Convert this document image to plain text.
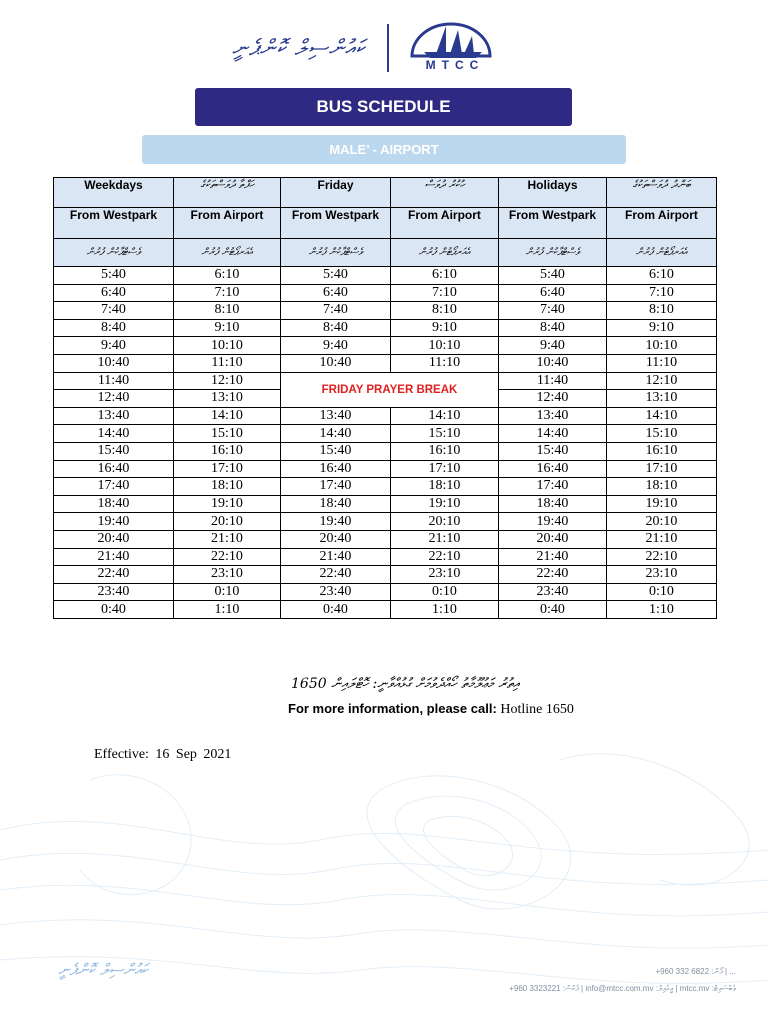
ކައުންސިލް ކޮންޕެނީ
MTCC
BUS SCHEDULE
MALE’ - AIRPORT
Weekdays	ހަފްތާ ދުވަސްތަކުގެ	Friday	ހުކުރު ދުވަސް	Holidays	ބަންދު ދުވަސްތަކުގެ
From Westpark	From Airport	From Westpark	From Airport	From Westpark	From Airport
ވެސްޓްޕާކުން ފުރުން	އެއަރޕޯޓުން ފުރުން	ވެސްޓްޕާކުން ފުރުން	އެއަރޕޯޓުން ފުރުން	ވެސްޓްޕާކުން ފުރުން	އެއަރޕޯޓުން ފުރުން
5:40	6:10	5:40	6:10	5:40	6:10
6:40	7:10	6:40	7:10	6:40	7:10
7:40	8:10	7:40	8:10	7:40	8:10
8:40	9:10	8:40	9:10	8:40	9:10
9:40	10:10	9:40	10:10	9:40	10:10
10:40	11:10	10:40	11:10	10:40	11:10
11:40	12:10	FRIDAY PRAYER BREAK		11:40	12:10
12:40	13:10			12:40	13:10
13:40	14:10	13:40	14:10	13:40	14:10
14:40	15:10	14:40	15:10	14:40	15:10
15:40	16:10	15:40	16:10	15:40	16:10
16:40	17:10	16:40	17:10	16:40	17:10
17:40	18:10	17:40	18:10	17:40	18:10
18:40	19:10	18:40	19:10	18:40	19:10
19:40	20:10	19:40	20:10	19:40	20:10
20:40	21:10	20:40	21:10	20:40	21:10
21:40	22:10	21:40	22:10	21:40	22:10
22:40	23:10	22:40	23:10	22:40	23:10
23:40	0:10	23:40	0:10	23:40	0:10
0:40	1:10	0:40	1:10	0:40	1:10
އިތުރު މަޢުލޫމާތު ހޯއްދެވުމަށް ގުޅުއްވާނީ: ހޮޓްލައިން 1650
For more information, please call: Hotline 1650
Effective: 16 Sep 2021
ކައުންސިލް ކޮންޕެނީ	+960 332 6822 :ފޯން | ...
+960 3323221 :ފެކްސް | info@mtcc.com.mv :އީމެއިލް | mtcc.mv :ވެބްސައިޓް
